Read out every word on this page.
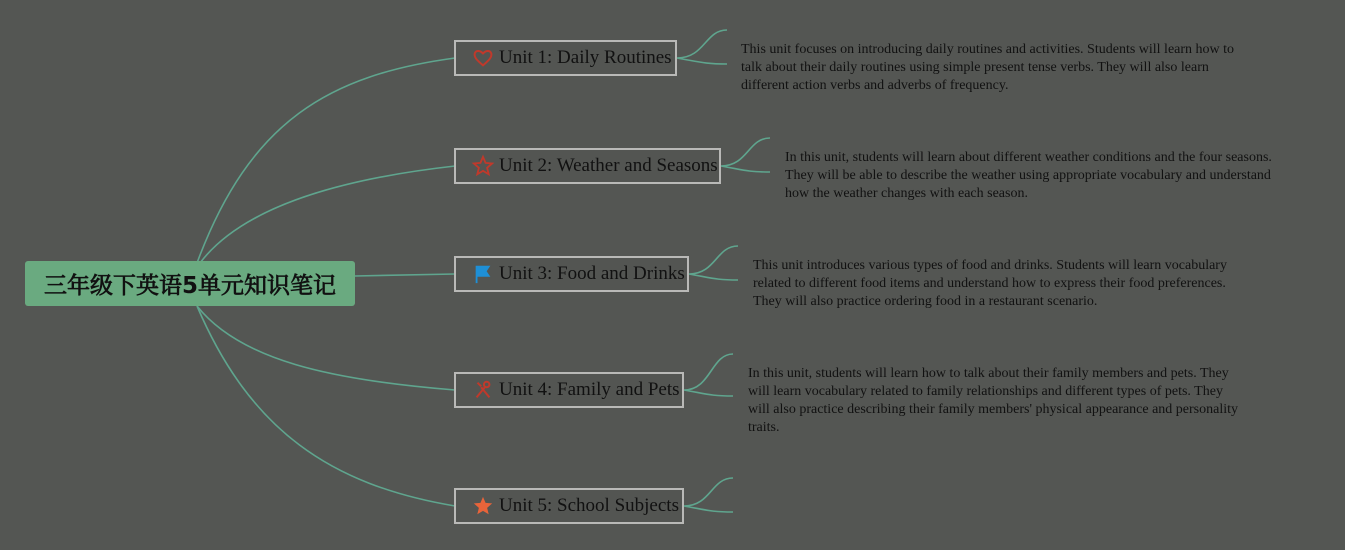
三年级下英语5单元知识笔记
Unit 1: Daily Routines	This unit focuses on introducing daily routines and activities. Students will learn how to talk about their daily routines using simple present tense verbs. They will also learn different action verbs and adverbs of frequency.
Unit 2: Weather and Seasons	In this unit, students will learn about different weather conditions and the four seasons. They will be able to describe the weather using appropriate vocabulary and understand how the weather changes with each season.
Unit 3: Food and Drinks	This unit introduces various types of food and drinks. Students will learn vocabulary related to different food items and understand how to express their food preferences. They will also practice ordering food in a restaurant scenario.
Unit 4: Family and Pets
In this unit, students will learn how to talk about their family members and pets. They will learn vocabulary related to family relationships and different types of pets. They will also practice describing their family members' physical appearance and personality traits.
Unit 5: School Subjects
